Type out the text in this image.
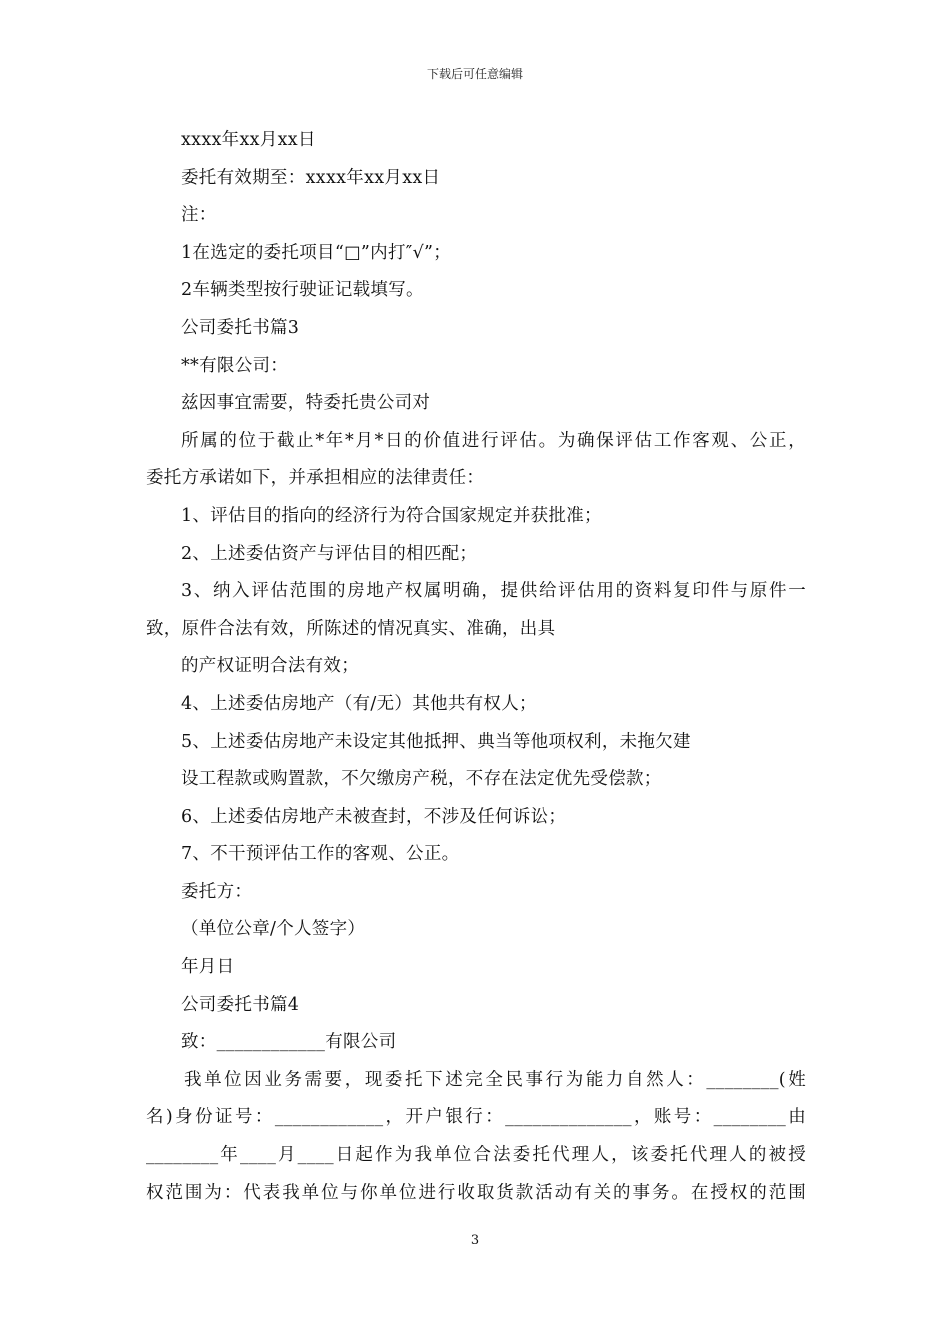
下载后可任意编辑
xxxx年xx月xx日
委托有效期至：xxxx年xx月xx日
注：
1在选定的委托项目“□”内打″√”；
2车辆类型按行驶证记载填写。
公司委托书篇3
**有限公司：
兹因事宜需要，特委托贵公司对
所属的位于截止*年*月*日的价值进行评估。为确保评估工作客观、公正，
委托方承诺如下，并承担相应的法律责任：
1、评估目的指向的经济行为符合国家规定并获批准；
2、上述委估资产与评估目的相匹配；
3、纳入评估范围的房地产权属明确，提供给评估用的资料复印件与原件一
致，原件合法有效，所陈述的情况真实、准确，出具
的产权证明合法有效；
4、上述委估房地产（有/无）其他共有权人；
5、上述委估房地产未设定其他抵押、典当等他项权利，未拖欠建
设工程款或购置款，不欠缴房产税，不存在法定优先受偿款；
6、上述委估房地产未被查封，不涉及任何诉讼；
7、不干预评估工作的客观、公正。
委托方：
（单位公章/个人签字）
年月日
公司委托书篇4
致：____________有限公司
我单位因业务需要，现委托下述完全民事行为能力自然人：________(姓
名)身份证号：____________，开户银行：______________，账号：________由
________年____月____日起作为我单位合法委托代理人，该委托代理人的被授
权范围为：代表我单位与你单位进行收取货款活动有关的事务。在授权的范围
3
